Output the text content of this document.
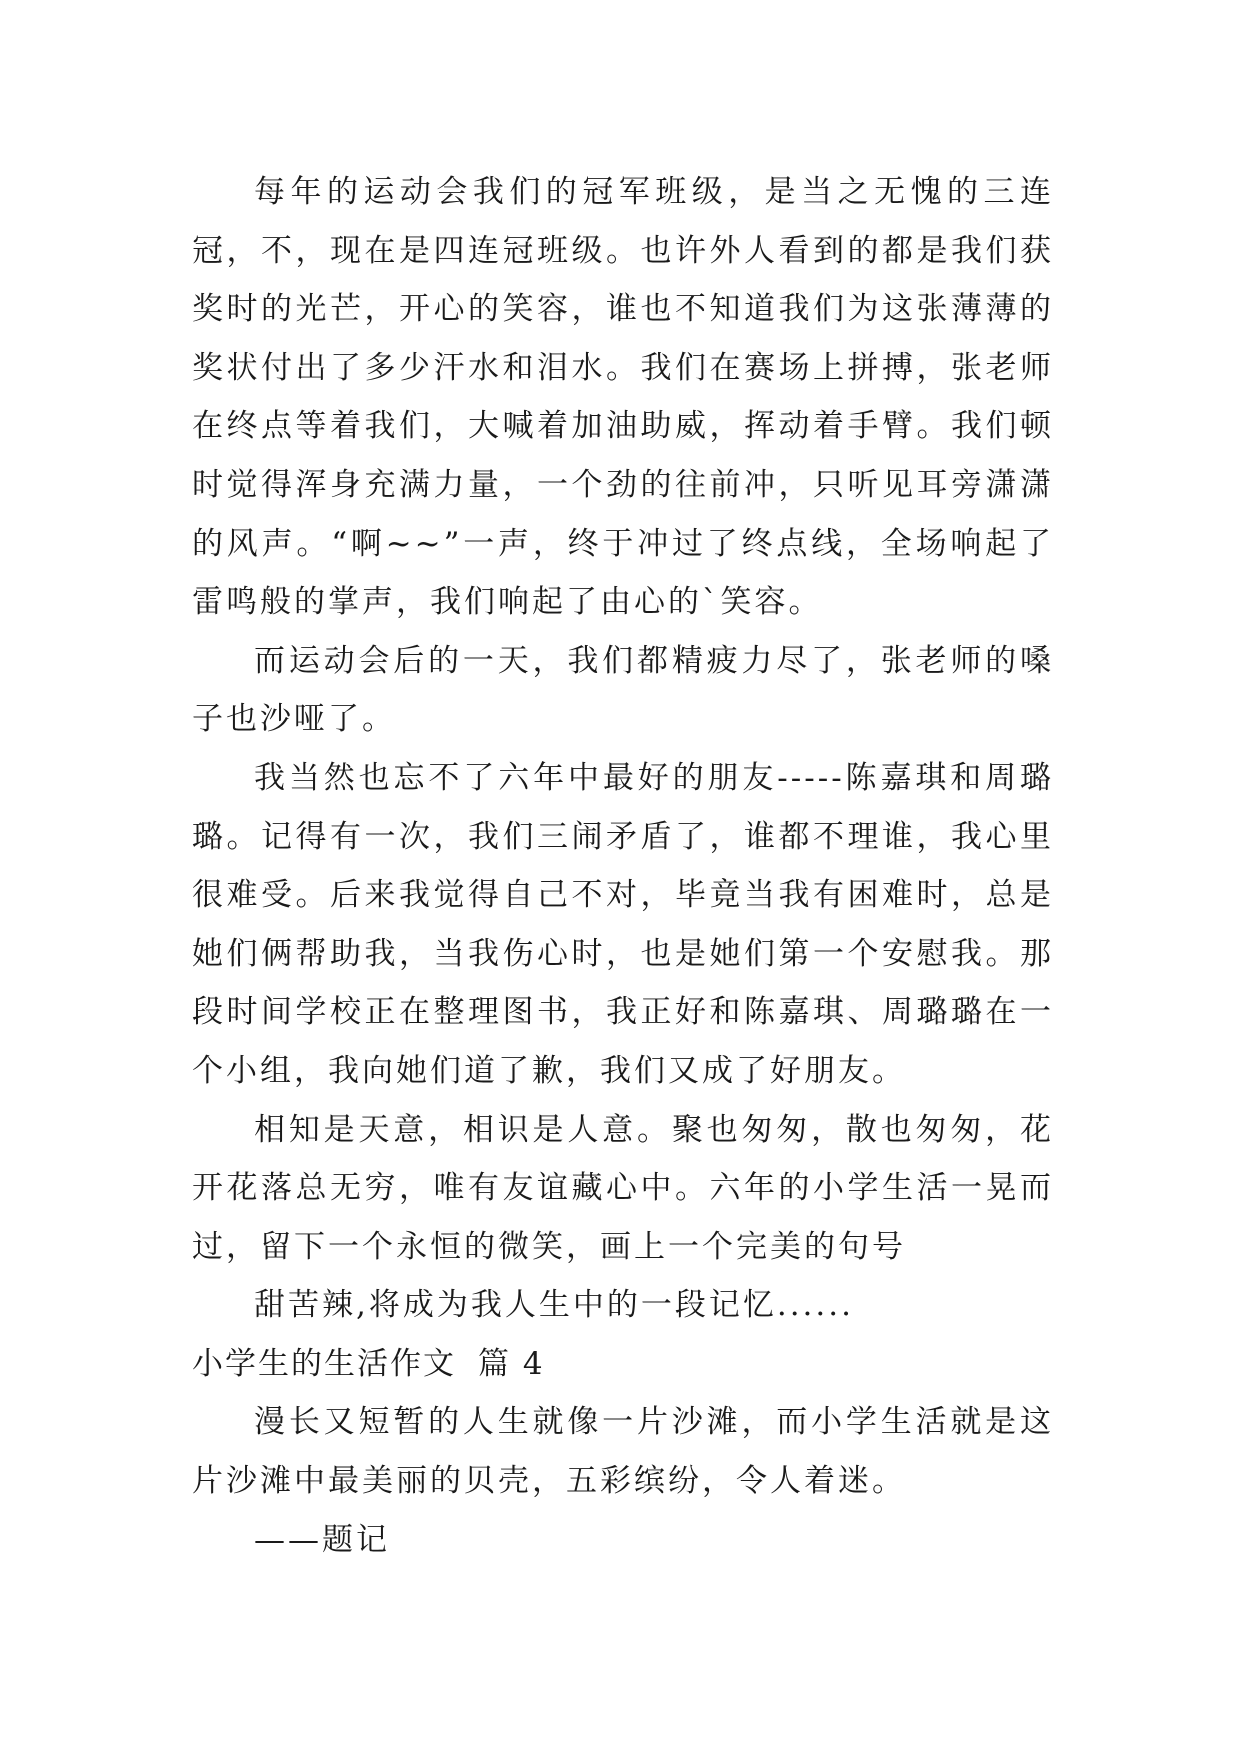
每年的运动会我们的冠军班级，是当之无愧的三连冠，不，现在是四连冠班级。也许外人看到的都是我们获奖时的光芒，开心的笑容，谁也不知道我们为这张薄薄的奖状付出了多少汗水和泪水。我们在赛场上拼搏，张老师在终点等着我们，大喊着加油助威，挥动着手臂。我们顿时觉得浑身充满力量，一个劲的往前冲，只听见耳旁潇潇的风声。“啊~~”一声，终于冲过了终点线，全场响起了雷鸣般的掌声，我们响起了由心的`笑容。

而运动会后的一天，我们都精疲力尽了，张老师的嗓子也沙哑了。

我当然也忘不了六年中最好的朋友-----陈嘉琪和周璐璐。记得有一次，我们三闹矛盾了，谁都不理谁，我心里很难受。后来我觉得自己不对，毕竟当我有困难时，总是她们俩帮助我，当我伤心时，也是她们第一个安慰我。那段时间学校正在整理图书，我正好和陈嘉琪、周璐璐在一个小组，我向她们道了歉，我们又成了好朋友。

相知是天意，相识是人意。聚也匆匆，散也匆匆，花开花落总无穷，唯有友谊藏心中。六年的小学生活一晃而过，留下一个永恒的微笑，画上一个完美的句号

甜苦辣,将成为我人生中的一段记忆......

小学生的生活作文 篇 4

漫长又短暂的人生就像一片沙滩，而小学生活就是这片沙滩中最美丽的贝壳，五彩缤纷，令人着迷。

——题记
